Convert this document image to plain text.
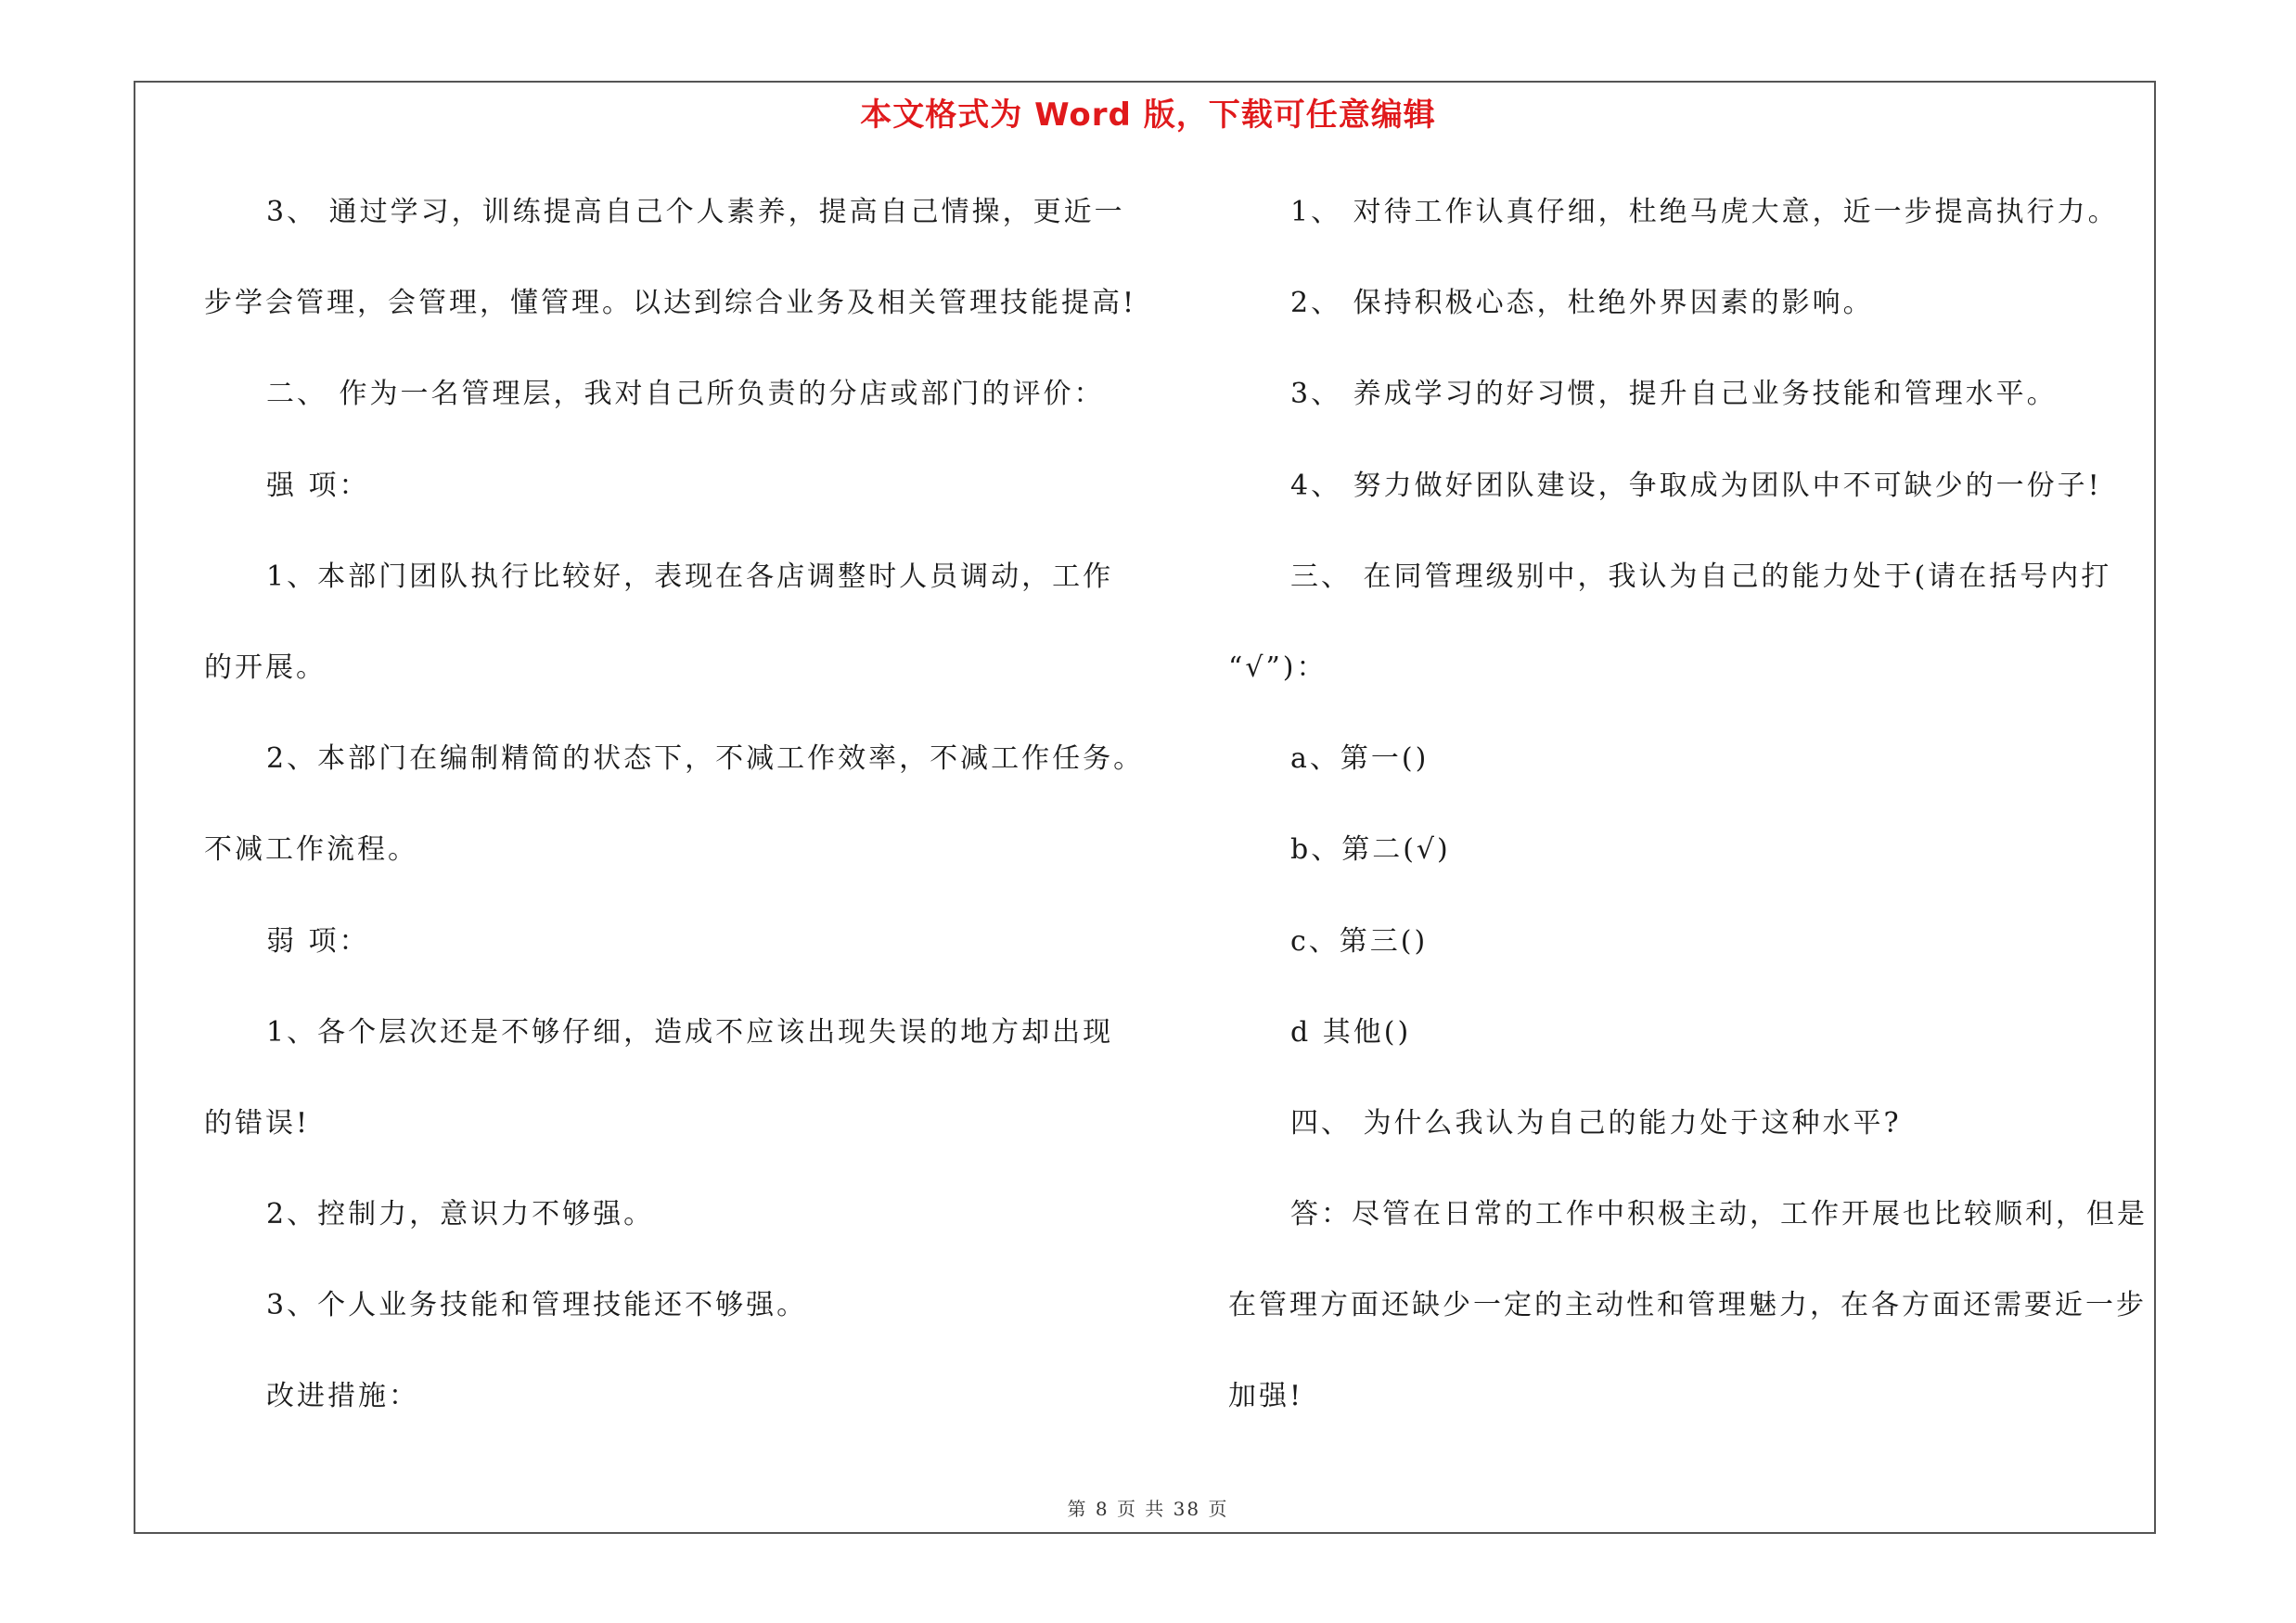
本文格式为 Word 版，下载可任意编辑
3、 通过学习，训练提高自己个人素养，提高自己情操，更近一
步学会管理，会管理，懂管理。以达到综合业务及相关管理技能提高!
二、 作为一名管理层，我对自己所负责的分店或部门的评价：
强 项：
1、本部门团队执行比较好，表现在各店调整时人员调动，工作
的开展。
2、本部门在编制精简的状态下，不减工作效率，不减工作任务。
不减工作流程。
弱 项：
1、各个层次还是不够仔细，造成不应该出现失误的地方却出现
的错误!
2、控制力，意识力不够强。
3、个人业务技能和管理技能还不够强。
改进措施：
1、 对待工作认真仔细，杜绝马虎大意，近一步提高执行力。
2、 保持积极心态，杜绝外界因素的影响。
3、 养成学习的好习惯，提升自己业务技能和管理水平。
4、 努力做好团队建设，争取成为团队中不可缺少的一份子!
三、 在同管理级别中，我认为自己的能力处于(请在括号内打
“√”)：
a、第一()
b、第二(√)
c、第三()
d 其他()
四、 为什么我认为自己的能力处于这种水平?
答：尽管在日常的工作中积极主动，工作开展也比较顺利，但是
在管理方面还缺少一定的主动性和管理魅力，在各方面还需要近一步
加强!
第 8 页 共 38 页
